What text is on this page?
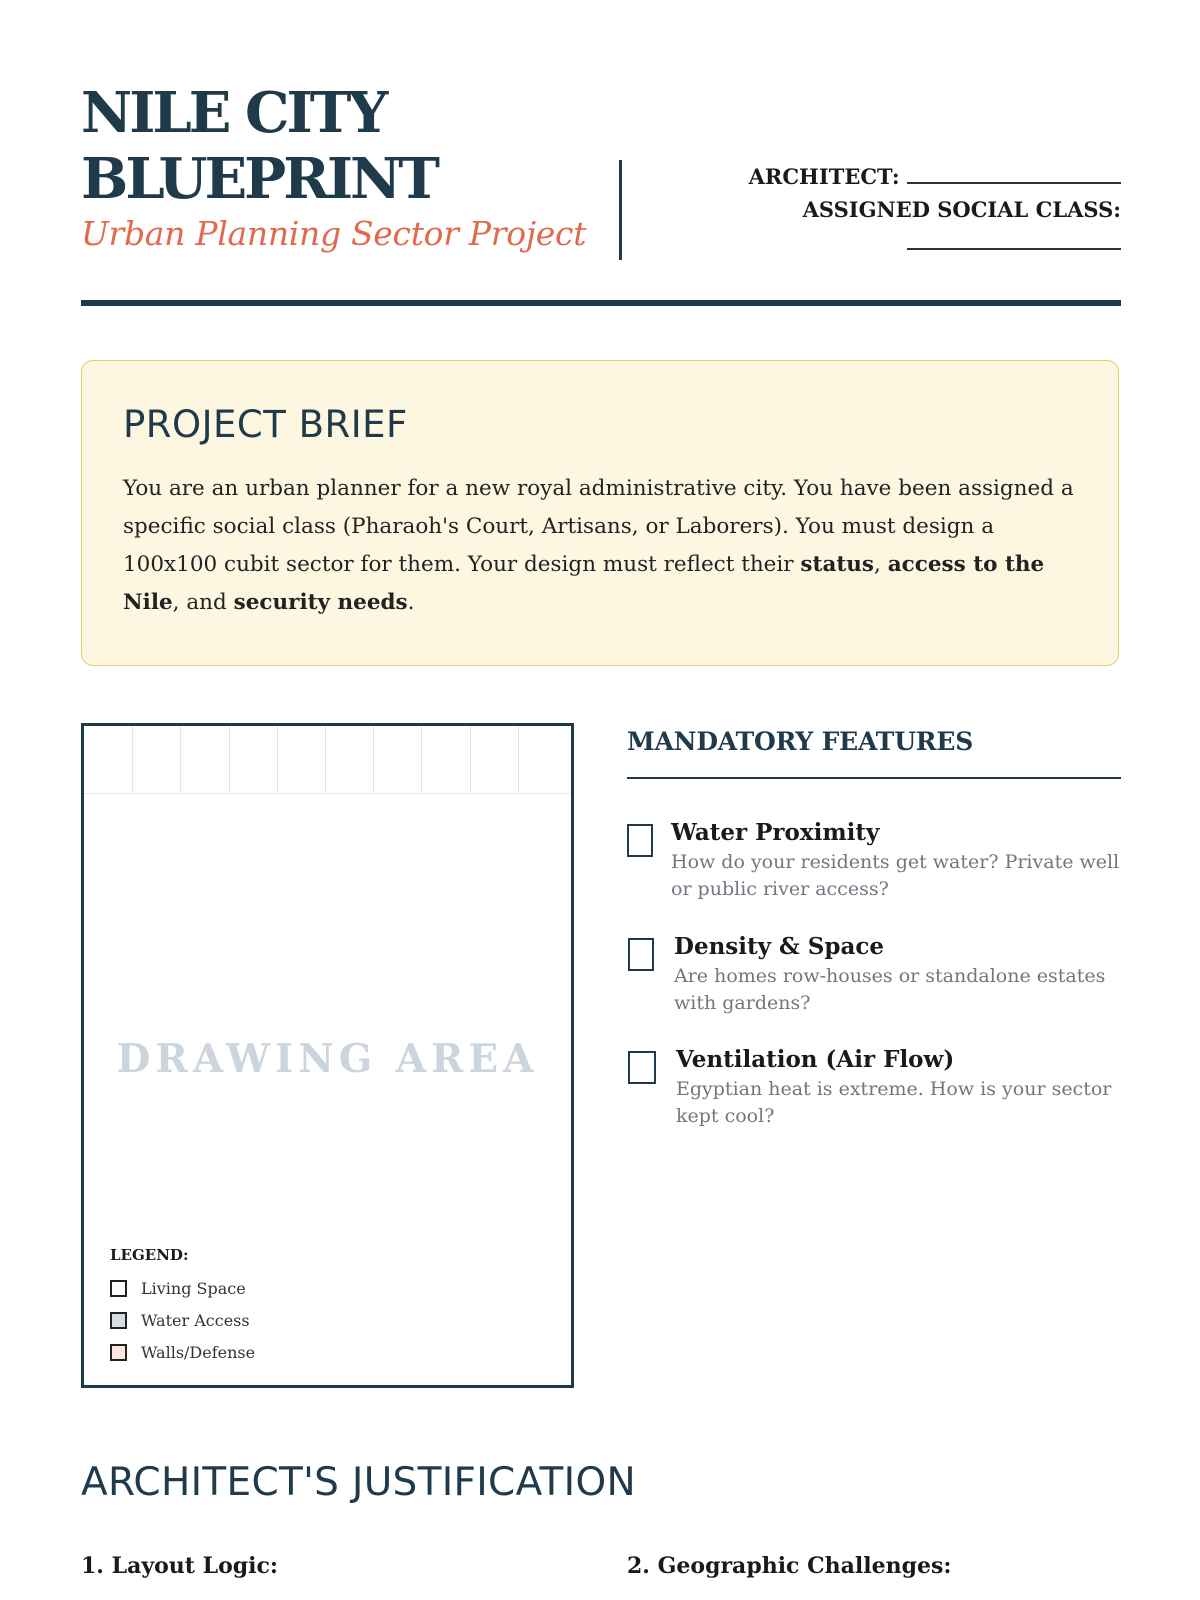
NILE CITY
BLUEPRINT
Urban Planning Sector Project
ARCHITECT:
ASSIGNED SOCIAL CLASS:
PROJECT BRIEF

You are an urban planner for a new royal administrative city. You have been assigned a specific social class (Pharaoh's Court, Artisans, or Laborers). You must design a 100x100 cubit sector for them. Your design must reflect their status, access to the Nile, and security needs.

DRAWING AREA
LEGEND:
Living Space
Water Access
Walls/Defense
MANDATORY FEATURES
Water Proximity
How do your residents get water? Private well or public river access?
Density & Space
Are homes row-houses or standalone estates with gardens?
Ventilation (Air Flow)
Egyptian heat is extreme. How is your sector kept cool?
ARCHITECT'S JUSTIFICATION
1. Layout Logic:	2. Geographic Challenges:
